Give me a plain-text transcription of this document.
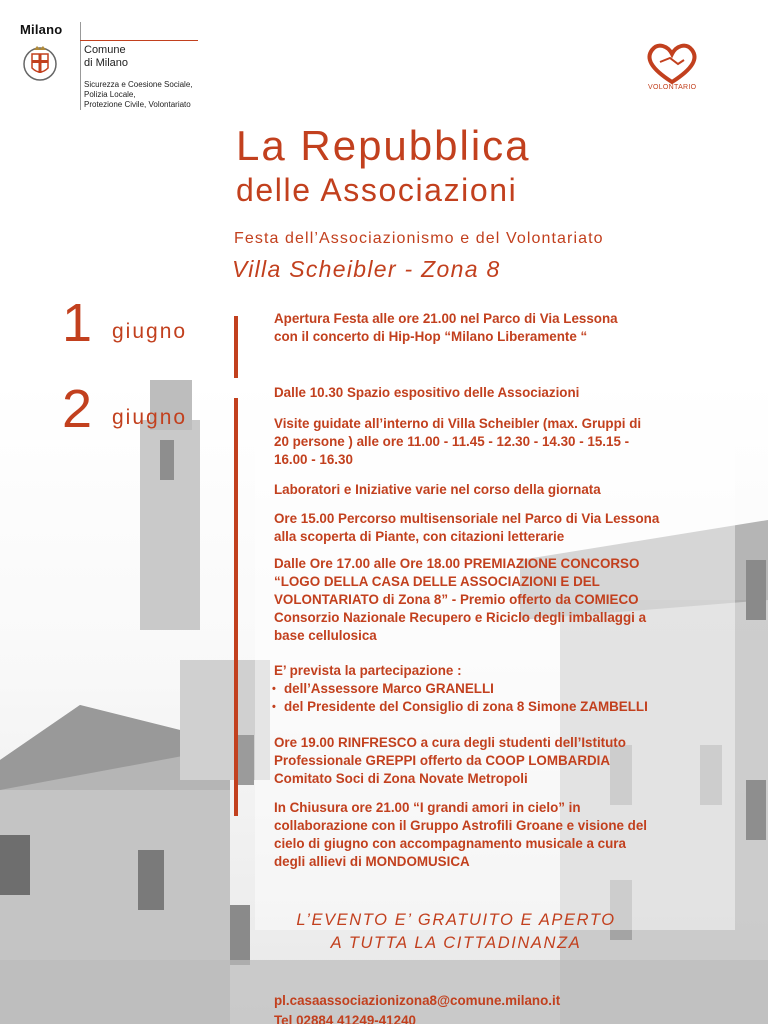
Milano
Comune
di Milano
Sicurezza e Coesione Sociale,
Polizia Locale,
Protezione Civile, Volontariato
VOLONTARIO
La Repubblica
delle Associazioni
Festa dell’Associazionismo e del Volontariato
Villa Scheibler - Zona 8
1 giugno
Apertura Festa alle ore 21.00 nel Parco di Via Lessona
con il concerto di Hip-Hop “Milano Liberamente “
2 giugno
Dalle 10.30 Spazio espositivo delle Associazioni
Visite guidate all’interno di Villa Scheibler (max. Gruppi di
20 persone ) alle ore 11.00 - 11.45 - 12.30 - 14.30 - 15.15 -
16.00 - 16.30
Laboratori e Iniziative varie nel corso della giornata
Ore 15.00 Percorso multisensoriale nel Parco di Via Lessona
alla scoperta di Piante, con citazioni letterarie
Dalle Ore 17.00 alle Ore 18.00 PREMIAZIONE CONCORSO
“LOGO DELLA CASA DELLE ASSOCIAZIONI E DEL
VOLONTARIATO di Zona 8” - Premio offerto da COMIECO
Consorzio Nazionale Recupero e Riciclo degli imballaggi a
base cellulosica
E’ prevista la partecipazione :
• dell’Assessore Marco GRANELLI
• del Presidente del Consiglio di zona 8 Simone ZAMBELLI
Ore 19.00 RINFRESCO a cura degli studenti dell’Istituto
Professionale GREPPI offerto da COOP LOMBARDIA
Comitato Soci di Zona Novate Metropoli
In Chiusura ore 21.00 “I grandi amori in cielo” in
collaborazione con il Gruppo Astrofili Groane e visione del
cielo di giugno con accompagnamento musicale a cura
degli allievi di MONDOMUSICA
L’EVENTO E’ GRATUITO E APERTO
A TUTTA LA CITTADINANZA
pl.casaassociazionizona8@comune.milano.it
Tel 02884 41249-41240
